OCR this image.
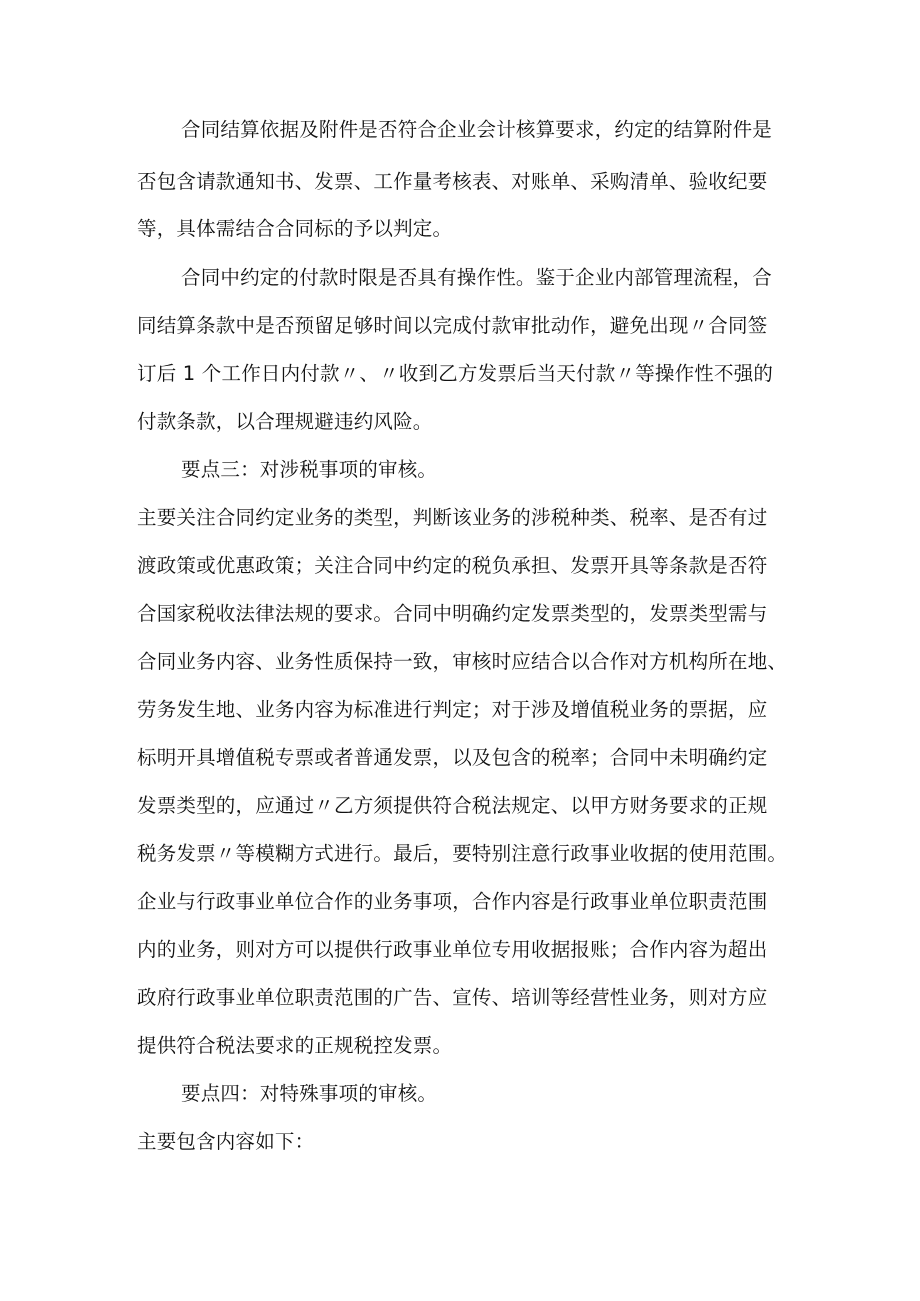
合同结算依据及附件是否符合企业会计核算要求，约定的结算附件是

否包含请款通知书、发票、工作量考核表、对账单、采购清单、验收纪要

等，具体需结合合同标的予以判定。

合同中约定的付款时限是否具有操作性。鉴于企业内部管理流程，合

同结算条款中是否预留足够时间以完成付款审批动作，避免出现〃合同签

订后 1 个工作日内付款〃、〃收到乙方发票后当天付款〃等操作性不强的

付款条款，以合理规避违约风险。

要点三：对涉税事项的审核。

主要关注合同约定业务的类型，判断该业务的涉税种类、税率、是否有过

渡政策或优惠政策；关注合同中约定的税负承担、发票开具等条款是否符

合国家税收法律法规的要求。合同中明确约定发票类型的，发票类型需与

合同业务内容、业务性质保持一致，审核时应结合以合作对方机构所在地、

劳务发生地、业务内容为标准进行判定；对于涉及增值税业务的票据，应

标明开具增值税专票或者普通发票，以及包含的税率；合同中未明确约定

发票类型的，应通过〃乙方须提供符合税法规定、以甲方财务要求的正规

税务发票〃等模糊方式进行。最后，要特别注意行政事业收据的使用范围。

企业与行政事业单位合作的业务事项，合作内容是行政事业单位职责范围

内的业务，则对方可以提供行政事业单位专用收据报账；合作内容为超出

政府行政事业单位职责范围的广告、宣传、培训等经营性业务，则对方应

提供符合税法要求的正规税控发票。

要点四：对特殊事项的审核。

主要包含内容如下：
